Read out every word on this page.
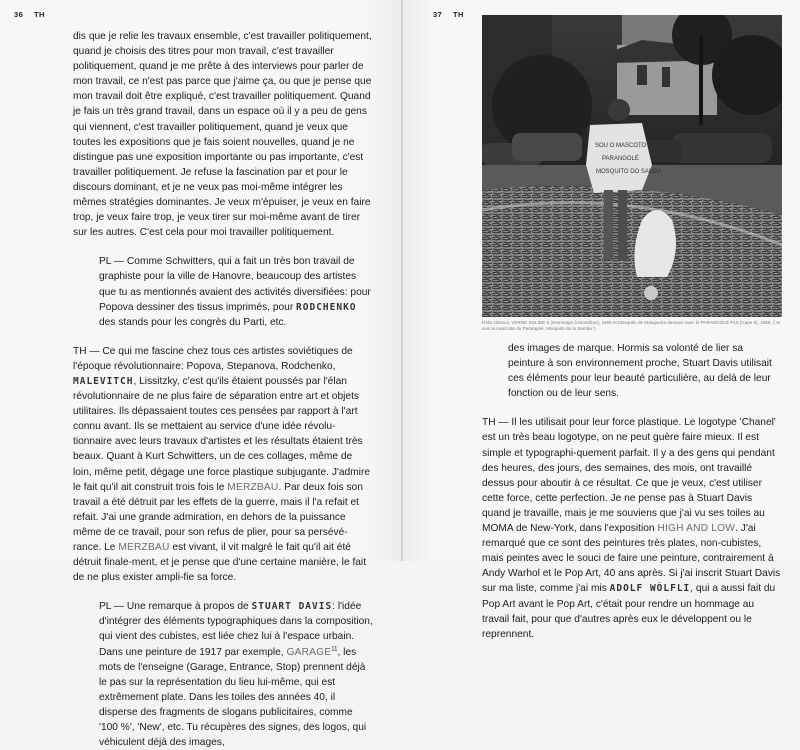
36 TH

dis que je relie les travaux ensemble, c'est travailler politiquement, quand je choisis des titres pour mon travail, c'est travailler politiquement, quand je me prête à des interviews pour parler de mon travail, ce n'est pas parce que j'aime ça, ou que je pense que mon travail doit être expliqué, c'est travailler politiquement. Quand je fais un très grand travail, dans un espace où il y a peu de gens qui viennent, c'est travailler politiquement, quand je veux que toutes les expositions que je fais soient nouvelles, quand je ne distingue pas une exposition importante ou pas importante, c'est travailler politiquement. Je refuse la fascination par et pour le discours dominant, et je ne veux pas moi-même intégrer les mêmes stratégies dominantes. Je veux m'épuiser, je veux en faire trop, je veux faire trop, je veux tirer sur moi-même avant de tirer sur les autres. C'est cela pour moi travailler politiquement.

PL — Comme Schwitters, qui a fait un très bon travail de graphiste pour la ville de Hanovre, beaucoup des artistes que tu as mentionnés avaient des activités diversifiées: pour Popova dessiner des tissus imprimés, pour RODCHENKO des stands pour les congrès du Parti, etc.

TH — Ce qui me fascine chez tous ces artistes soviétiques de l'époque révolutionnaire: Popova, Stepanova, Rodchenko, MALEVITCH, Lissitzky, c'est qu'ils étaient poussés par l'élan révolutionnaire de ne plus faire de séparation entre art et objets utilitaires. Ils dépassaient toutes ces pensées par rapport à l'art connu avant. Ils se mettaient au service d'une idée révolu-tionnaire avec leurs travaux d'artistes et les résultats étaient très beaux. Quant à Kurt Schwitters, un de ces collages, même de loin, même petit, dégage une force plastique subjugante. J'admire le fait qu'il ait construit trois fois le MERZBAU. Par deux fois son travail a été détruit par les effets de la guerre, mais il l'a refait et refait. J'ai une grande admiration, en dehors de la puissance même de ce travail, pour son refus de plier, pour sa persévé-rance. Le MERZBAU est vivant, il vit malgré le fait qu'il ait été détruit finale-ment, et je pense que d'une certaine manière, le fait de ne plus exister ampli-fie sa force.

PL — Une remarque à propos de STUART DAVIS: l'idée d'intégrer des éléments typographiques dans la composition, qui vient des cubistes, est liée chez lui à l'espace urbain. Dans une peinture de 1917 par exemple, GARAGE$^{11}$, les mots de l'enseigne (Garage, Entrance, Stop) prennent déjà le pas sur la représentation du lieu lui-même, qui est extrêmement plate. Dans les toiles des années 40, il disperse des fragments de slogans publicitaires, comme '100 %', 'New', etc. Tu récupères des signes, des logos, qui véhiculent déjà des images,

37 TH
SOU O MASCOTO
PARANGOLÉ
MOSQUITO DO SAMBA
Hélio Oiticica, VERRE SOLIDE 5 (Hommage à Mondrian), 1965 et Mosquito de Mangueira dansant avec le PARANGOLÉ P10 (Cape 6), 1965. ('Je suis la mascotte du Parangolé, Mosquito de la Samba.')

des images de marque. Hormis sa volonté de lier sa peinture à son environnement proche, Stuart Davis utilisait ces éléments pour leur beauté particulière, au delà de leur fonction ou de leur sens.

TH — Il les utilisait pour leur force plastique. Le logotype 'Chanel' est un très beau logotype, on ne peut guère faire mieux. Il est simple et typographi-quement parfait. Il y a des gens qui pendant des heures, des jours, des semaines, des mois, ont travaillé dessus pour aboutir à ce résultat. Ce que je veux, c'est utiliser cette force, cette perfection. Je ne pense pas à Stuart Davis quand je travaille, mais je me souviens que j'ai vu ses toiles au MOMA de New-York, dans l'exposition HIGH AND LOW. J'ai remarqué que ce sont des peintures très plates, non-cubistes, mais peintes avec le souci de faire une peinture, contrairement à Andy Warhol et le Pop Art, 40 ans après. Si j'ai inscrit Stuart Davis sur ma liste, comme j'ai mis ADOLF WÖLFLI, qui a aussi fait du Pop Art avant le Pop Art, c'était pour rendre un hommage au travail fait, pour que d'autres après eux le développent ou le reprennent.
